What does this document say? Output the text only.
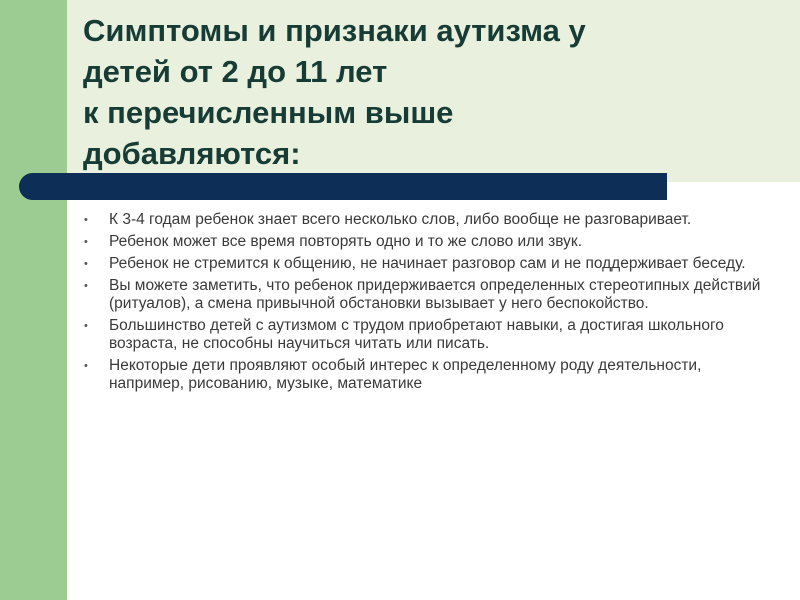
Симптомы и признаки аутизма у
детей от 2 до 11 лет
к перечисленным выше
добавляются:
• К 3-4 годам ребенок знает всего несколько слов, либо вообще не разговаривает.
• Ребенок может все время повторять одно и то же слово или звук.
• Ребенок не стремится к общению, не начинает разговор сам и не поддерживает беседу.
• Вы можете заметить, что ребенок придерживается определенных стереотипных действий (ритуалов), а смена привычной обстановки вызывает у него беспокойство.
• Большинство детей с аутизмом с трудом приобретают навыки, а достигая школьного возраста, не способны научиться читать или писать.
• Некоторые дети проявляют особый интерес к определенному роду деятельности, например, рисованию, музыке, математике
